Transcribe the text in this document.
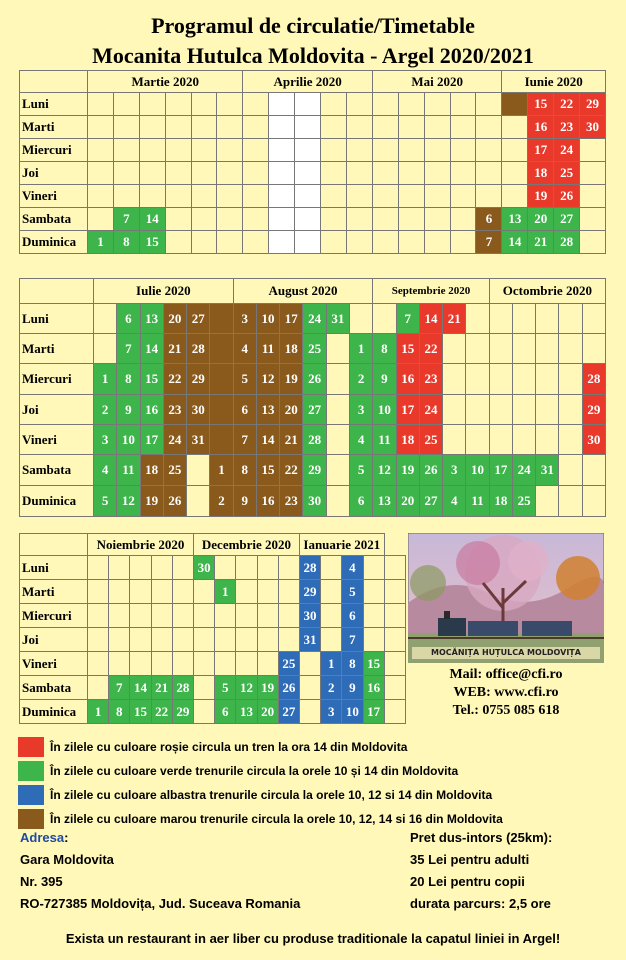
Programul de circulatie/Timetable
Mocanita Hutulca Moldovita - Argel 2020/2021
	Martie 2020						Aprilie 2020					Mai 2020					Iunie 2020			
Luni																		15	22	29
Marti																		16	23	30
Miercuri																		17	24	
Joi																		18	25	
Vineri																		19	26	
Sambata		7	14													6	13	20	27	
Duminica	1	8	15													7	14	21	28	
	Iulie 2020						August 2020						Septembrie 2020					Octombrie 2020				
Luni		6	13	20	27		3	10	17	24	31			7	14	21						
Marti		7	14	21	28		4	11	18	25		1	8	15	22							
Miercuri	1	8	15	22	29		5	12	19	26		2	9	16	23							28
Joi	2	9	16	23	30		6	13	20	27		3	10	17	24							29
Vineri	3	10	17	24	31		7	14	21	28		4	11	18	25							30
Sambata	4	11	18	25		1	8	15	22	29		5	12	19	26	3	10	17	24	31		
Duminica	5	12	19	26		2	9	16	23	30		6	13	20	27	4	11	18	25			
	Noiembrie 2020					Decembrie 2020					Ianuarie 2021				
Luni						30					28		4		
Marti							1				29		5		
Miercuri											30		6		
Joi											31		7		
Vineri										25		1	8	15	
Sambata		7	14	21	28		5	12	19	26		2	9	16	
Duminica	1	8	15	22	29		6	13	20	27		3	10	17	
MOCĂNIȚA HUȚULCA MOLDOVIȚA
Mail: office@cfi.ro
WEB: www.cfi.ro
Tel.: 0755 085 618
În zilele cu culoare roșie circula un tren la ora 14 din Moldovita
În zilele cu culoare verde trenurile circula la orele 10 și 14 din Moldovita
În zilele cu culoare albastra trenurile circula la orele 10, 12 si 14 din Moldovita
În zilele cu culoare marou trenurile circula la orele 10, 12, 14 si 16 din Moldovita
Adresa:
Gara Moldovita
Nr. 395
RO-727385 Moldovița, Jud. Suceava Romania
Pret dus-intors (25km):
35 Lei pentru adulti
20 Lei pentru copii
durata parcurs: 2,5 ore
Exista un restaurant in aer liber cu produse traditionale la capatul liniei in Argel!
